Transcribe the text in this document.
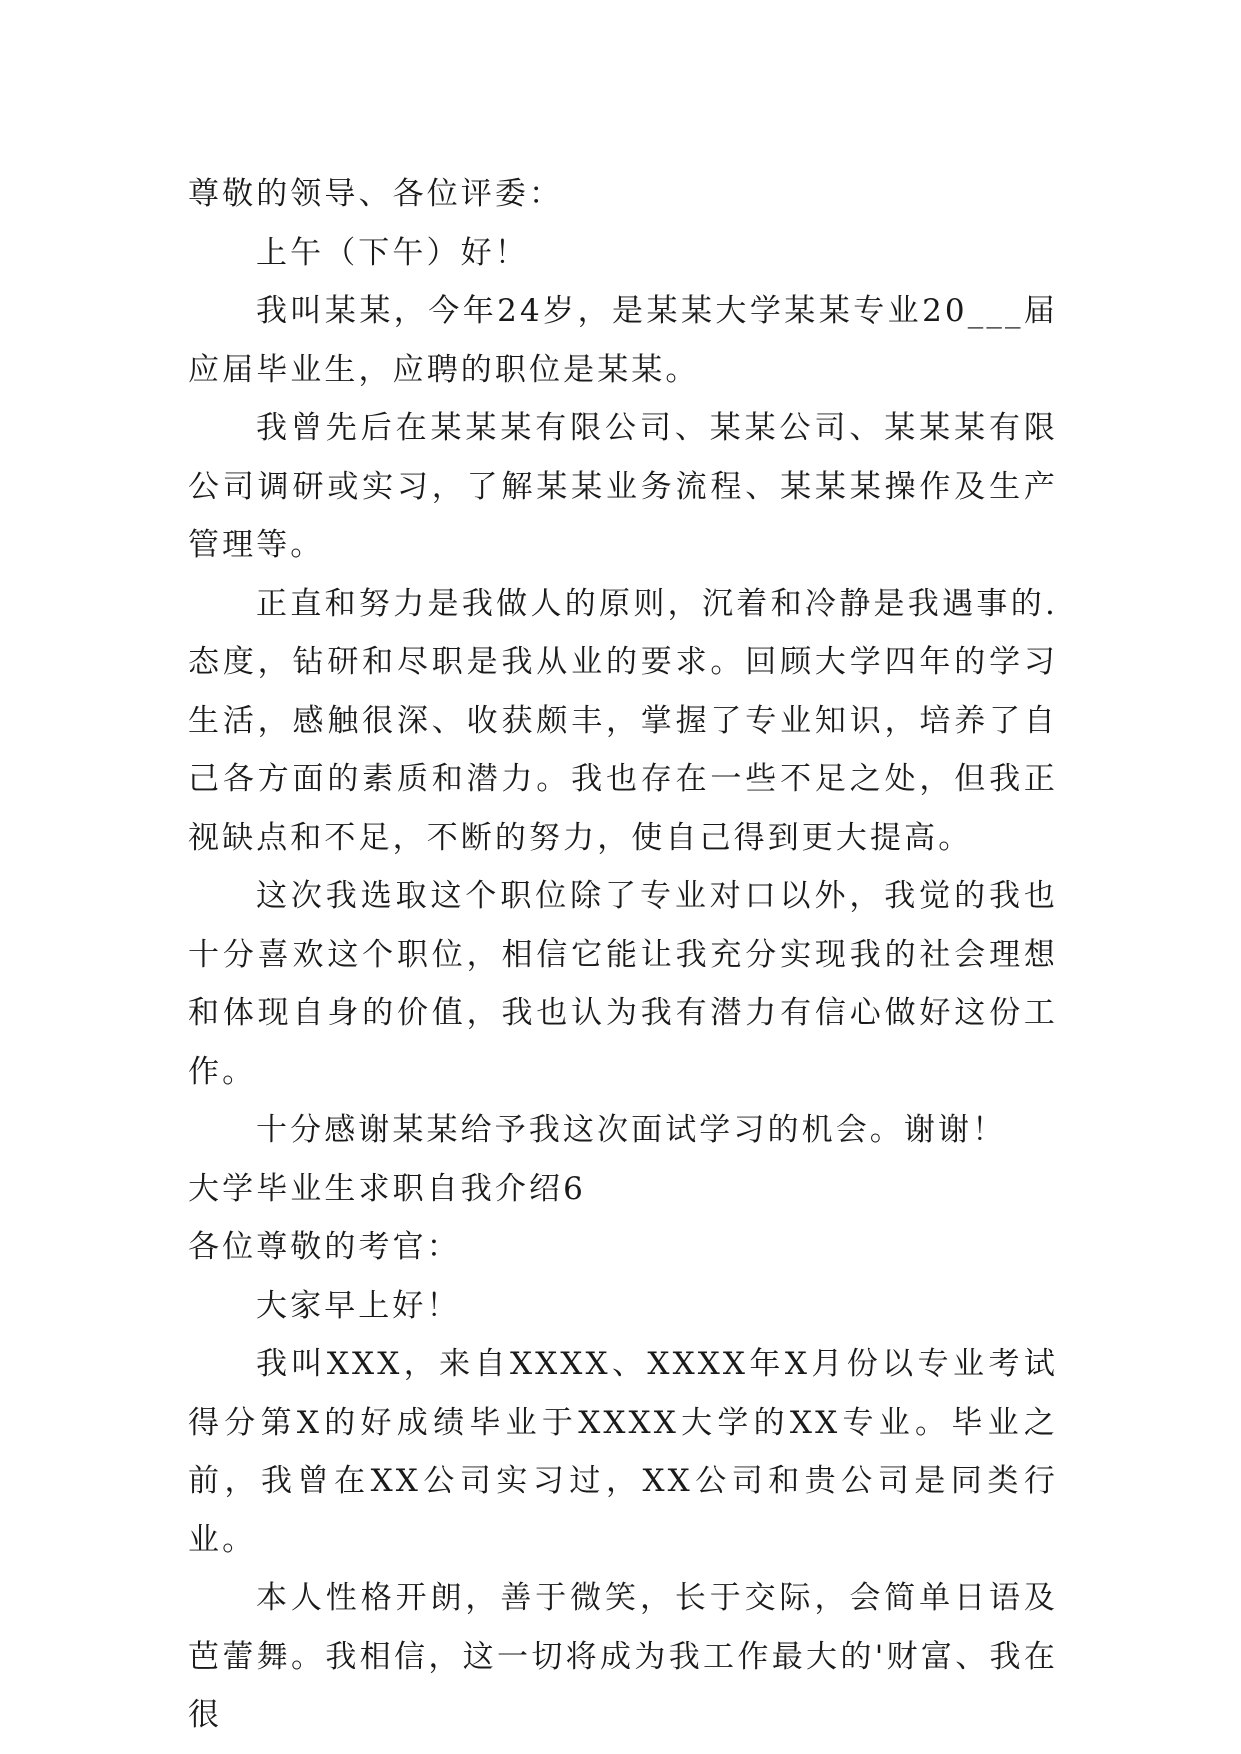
尊敬的领导、各位评委：

上午（下午）好！

我叫某某，今年24岁，是某某大学某某专业20___届应届毕业生，应聘的职位是某某。

我曾先后在某某某有限公司、某某公司、某某某有限公司调研或实习，了解某某业务流程、某某某操作及生产管理等。

正直和努力是我做人的原则，沉着和冷静是我遇事的.态度，钻研和尽职是我从业的要求。回顾大学四年的学习生活，感触很深、收获颇丰，掌握了专业知识，培养了自己各方面的素质和潜力。我也存在一些不足之处，但我正视缺点和不足，不断的努力，使自己得到更大提高。

这次我选取这个职位除了专业对口以外，我觉的我也十分喜欢这个职位，相信它能让我充分实现我的社会理想和体现自身的价值，我也认为我有潜力有信心做好这份工作。

十分感谢某某给予我这次面试学习的机会。谢谢！

大学毕业生求职自我介绍6

各位尊敬的考官：

大家早上好！

我叫XXX，来自XXXX、XXXX年X月份以专业考试得分第X的好成绩毕业于XXXX大学的XX专业。毕业之前，我曾在XX公司实习过，XX公司和贵公司是同类行业。

本人性格开朗，善于微笑，长于交际，会简单日语及芭蕾舞。我相信，这一切将成为我工作最大的'财富、我在很
